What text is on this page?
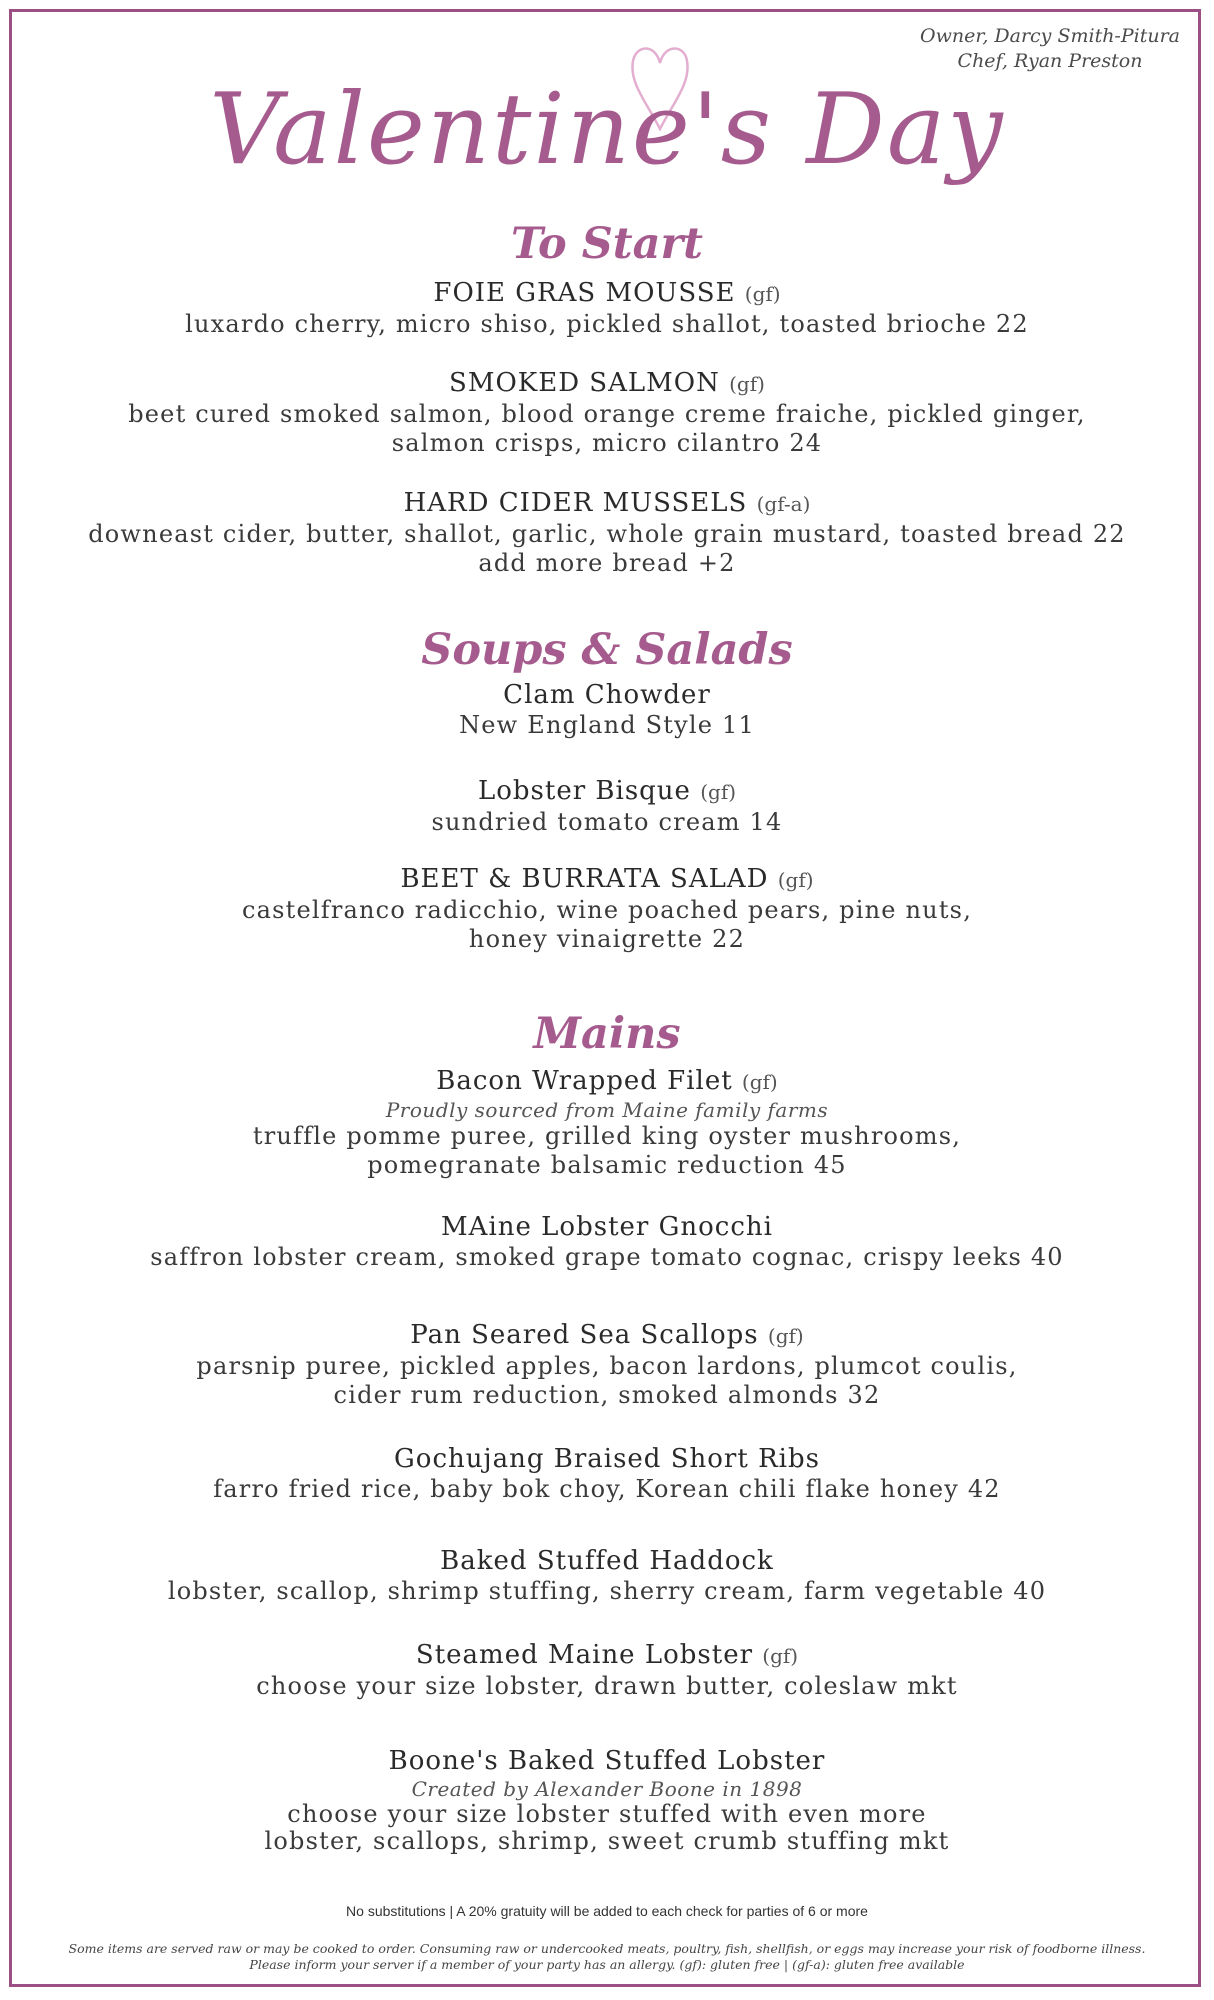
Owner, Darcy Smith-Pitura
Chef, Ryan Preston
Valentine's Day
To Start
FOIE GRAS MOUSSE (gf)
luxardo cherry, micro shiso, pickled shallot, toasted brioche 22
SMOKED SALMON (gf)
beet cured smoked salmon, blood orange creme fraiche, pickled ginger,
salmon crisps, micro cilantro 24
HARD CIDER MUSSELS (gf-a)
downeast cider, butter, shallot, garlic, whole grain mustard, toasted bread 22
add more bread +2
Soups & Salads
Clam Chowder
New England Style 11
Lobster Bisque (gf)
sundried tomato cream 14
BEET & BURRATA SALAD (gf)
castelfranco radicchio, wine poached pears, pine nuts,
honey vinaigrette 22
Mains
Bacon Wrapped Filet (gf)
Proudly sourced from Maine family farms
truffle pomme puree, grilled king oyster mushrooms,
pomegranate balsamic reduction 45
MAine Lobster Gnocchi
saffron lobster cream, smoked grape tomato cognac, crispy leeks 40
Pan Seared Sea Scallops (gf)
parsnip puree, pickled apples, bacon lardons, plumcot coulis,
cider rum reduction, smoked almonds 32
Gochujang Braised Short Ribs
farro fried rice, baby bok choy, Korean chili flake honey 42
Baked Stuffed Haddock
lobster, scallop, shrimp stuffing, sherry cream, farm vegetable 40
Steamed Maine Lobster (gf)
choose your size lobster, drawn butter, coleslaw mkt
Boone's Baked Stuffed Lobster
Created by Alexander Boone in 1898
choose your size lobster stuffed with even more
lobster, scallops, shrimp, sweet crumb stuffing mkt
No substitutions | A 20% gratuity will be added to each check for parties of 6 or more
Some items are served raw or may be cooked to order. Consuming raw or undercooked meats, poultry, fish, shellfish, or eggs may increase your risk of foodborne illness.
Please inform your server if a member of your party has an allergy. (gf): gluten free | (gf-a): gluten free available
